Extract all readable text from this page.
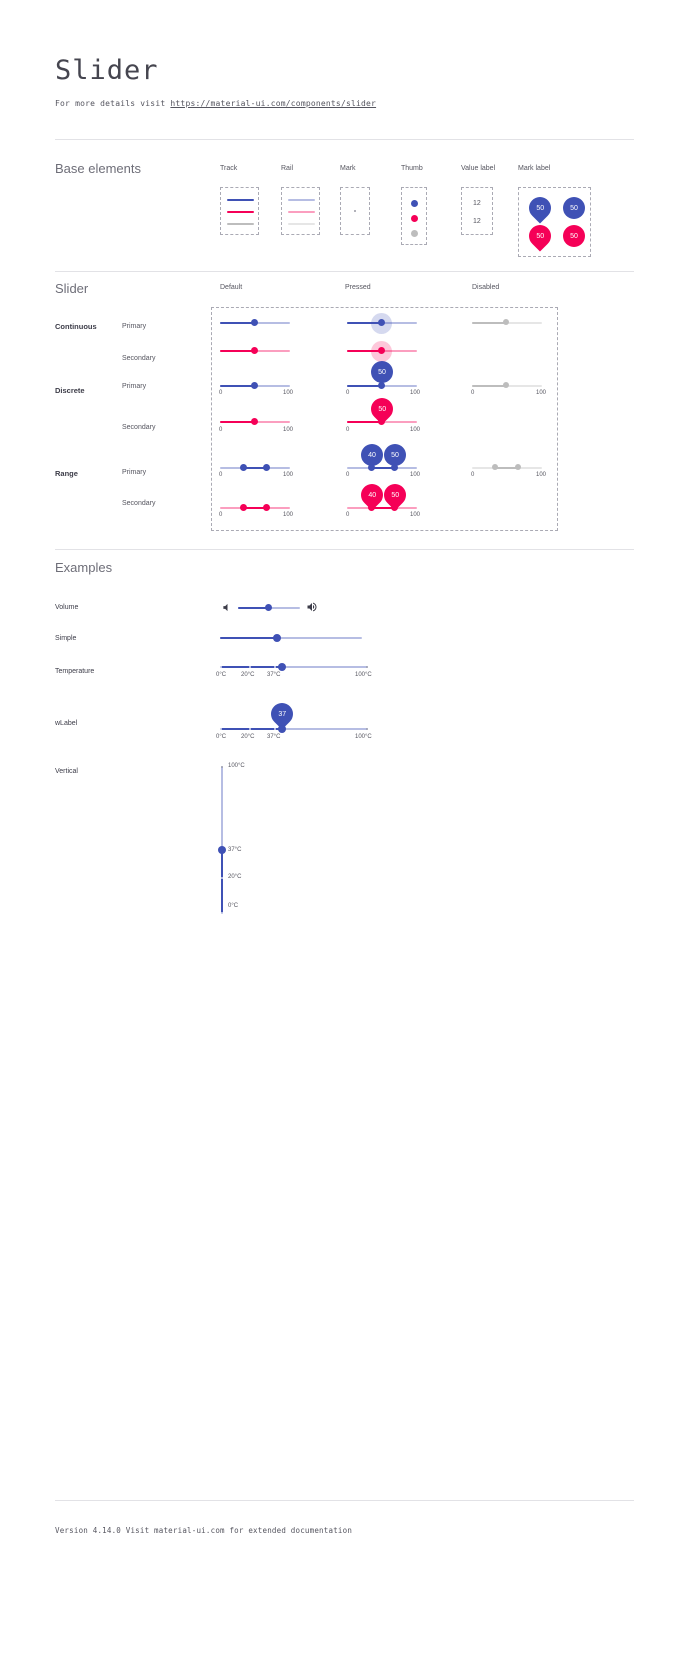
Slider
For more details visit https://material-ui.com/components/slider
Base elements	Track	Rail	Mark	Thumb	Value label	Mark label
12
12
50	50
50	50
Slider	Default	Pressed	Disabled
Continuous	Primary
Secondary
Discrete	Primary
Secondary
Range	Primary
Secondary
0	100
50
0	100	0	100
0	100
50
0	100
0	100
40 50
0	100	0	100
0	100
40 50
0	100
Examples
Volume
Simple
Temperature	0°C 20°C 37°C	100°C
wLabel
37
0°C 20°C 37°C	100°C
Vertical
100°C
37°C
20°C
0°C
Version 4.14.0 Visit material-ui.com for extended documentation
